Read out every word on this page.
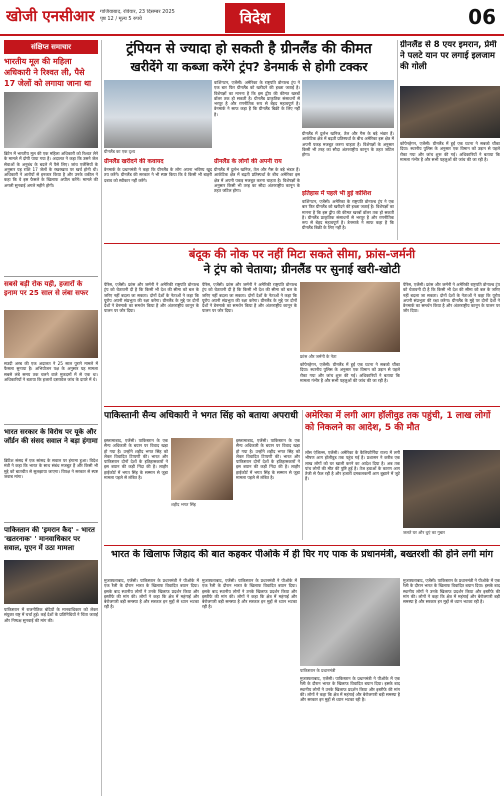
खोजी एनसीआर गाजियाबाद, रविवार, 23 दिसम्बर 2025
पृष्ठ 12 / मूल्य 5 रुपये	विदेश	06
संक्षिप्त समाचार
भारतीय मूल की महिला अधिकारी ने रिश्वत ली, पैसे 17 जेलों को लगाया जाना था
ब्रिटेन में भारतीय मूल की एक महिला अधिकारी को रिश्वत लेने के मामले में दोषी पाया गया है। अदालत ने कहा कि उसने जेल सेवाओं के अनुबंध के बदले में पैसे लिए। जांच एजेंसियों के अनुसार यह राशि 17 जेलों के रखरखाव पर खर्च होनी थी। अधिकारी ने आरोपों से इनकार किया है और उनके वकील ने कहा कि वे इस फैसले के खिलाफ अपील करेंगे। मामले की अगली सुनवाई अगले महीने होगी।
सबसे बड़ी रोक यही, हजारों के इनाम पर 25 साल से लंबा सफर
सउदी अरब की एक अदालत ने 25 साल पुराने मामले में फैसला सुनाया है। अभियोजन पक्ष के अनुसार यह मामला सबसे लंबे समय तक चलने वाले मुकदमों में से एक था। अधिकारियों ने बताया कि हजारों दस्तावेज जांच के दायरे में थे।
भारत सरकार के विरोध पर यूके और जॉर्डन की संसद सवाल ने बड़ा हंगामा
ब्रिटिश संसद में एक सांसद के सवाल पर हंगामा हुआ। विदेश मंत्री ने कहा कि भारत के साथ संबंध मजबूत हैं और किसी भी मुद्दे को बातचीत से सुलझाया जाएगा। विपक्ष ने सरकार से स्पष्ट जवाब मांगा।
पाकिस्तान की 'इमरान कैद' - भारत 'खतरनाक' ' मानवाधिकार पर सवाल, यूएन में उठा मामला
पाकिस्तान में राजनीतिक बंदियों के मानवाधिकार को लेकर संयुक्त राष्ट्र में चर्चा हुई। कई देशों के प्रतिनिधियों ने चिंता जताई और निष्पक्ष सुनवाई की मांग की।
ट्रंपियन से ज्यादा हो सकती है ग्रीनलैंड की कीमत
खरीदेंगे या कब्जा करेंगे ट्रंप? डेनमार्क से होगी टक्कर
ग्रीनलैंड का एक दृश्य
वाशिंगटन, एजेंसी। अमेरिका के राष्ट्रपति डोनाल्ड ट्रंप ने एक बार फिर ग्रीनलैंड को खरीदने की इच्छा जताई है। विशेषज्ञों का मानना है कि इस द्वीप की कीमत खरबों डॉलर तक हो सकती है। ग्रीनलैंड प्राकृतिक संसाधनों से भरपूर है और रणनीतिक रूप से बेहद महत्वपूर्ण है। डेनमार्क ने साफ कहा है कि ग्रीनलैंड बिक्री के लिए नहीं है।
ग्रीनलैंड में दुर्लभ खनिज, तेल और गैस के बड़े भंडार हैं। आर्कटिक क्षेत्र में बढ़ती प्रतिस्पर्धा के बीच अमेरिका इस क्षेत्र में अपनी पकड़ मजबूत करना चाहता है। विशेषज्ञों के अनुसार किसी भी तरह का सौदा अंतरराष्ट्रीय कानून के तहत जटिल होगा।
ग्रीनलैंड खरीदने की कवायद
डेनमार्क के प्रधानमंत्री ने कहा कि ग्रीनलैंड के लोग अपना भविष्य खुद तय करेंगे। ग्रीनलैंड की सरकार ने भी स्पष्ट किया कि वे किसी भी बाहरी दबाव को स्वीकार नहीं करेंगे।
ग्रीनलैंड के लोगों की अपनी राय
ग्रीनलैंड में दुर्लभ खनिज, तेल और गैस के बड़े भंडार हैं। आर्कटिक क्षेत्र में बढ़ती प्रतिस्पर्धा के बीच अमेरिका इस क्षेत्र में अपनी पकड़ मजबूत करना चाहता है। विशेषज्ञों के अनुसार किसी भी तरह का सौदा अंतरराष्ट्रीय कानून के तहत जटिल होगा।	इतिहास में पहले भी हुई कोशिश
वाशिंगटन, एजेंसी। अमेरिका के राष्ट्रपति डोनाल्ड ट्रंप ने एक बार फिर ग्रीनलैंड को खरीदने की इच्छा जताई है। विशेषज्ञों का मानना है कि इस द्वीप की कीमत खरबों डॉलर तक हो सकती है। ग्रीनलैंड प्राकृतिक संसाधनों से भरपूर है और रणनीतिक रूप से बेहद महत्वपूर्ण है। डेनमार्क ने साफ कहा है कि ग्रीनलैंड बिक्री के लिए नहीं है।
ग्रीनलैंड से 8 एयर इमरान, प्रेमी ने पलटे यान पर लगाई इलजाम की गोली
कोपेनहेगन, एजेंसी। ग्रीनलैंड में हुई एक घटना ने सबको चौंका दिया। स्थानीय पुलिस के अनुसार एक विमान को उड़ान से पहले रोका गया और जांच शुरू की गई। अधिकारियों ने बताया कि मामला गंभीर है और सभी पहलुओं की जांच की जा रही है।
बंदूक की नोक पर नहीं मिटा सकते सीमा, फ्रांस-जर्मनी
ने ट्रंप को चेताया; ग्रीनलैंड पर सुनाई खरी-खोटी
पेरिस, एजेंसी। फ्रांस और जर्मनी ने अमेरिकी राष्ट्रपति डोनाल्ड ट्रंप को चेतावनी दी है कि किसी भी देश की सीमा को बल के जरिए नहीं बदला जा सकता। दोनों देशों के नेताओं ने कहा कि यूरोप अपनी संप्रभुता की रक्षा करेगा। ग्रीनलैंड के मुद्दे पर दोनों देशों ने डेनमार्क का समर्थन किया है और अंतरराष्ट्रीय कानून के पालन पर जोर दिया।
पेरिस, एजेंसी। फ्रांस और जर्मनी ने अमेरिकी राष्ट्रपति डोनाल्ड ट्रंप को चेतावनी दी है कि किसी भी देश की सीमा को बल के जरिए नहीं बदला जा सकता। दोनों देशों के नेताओं ने कहा कि यूरोप अपनी संप्रभुता की रक्षा करेगा। ग्रीनलैंड के मुद्दे पर दोनों देशों ने डेनमार्क का समर्थन किया है और अंतरराष्ट्रीय कानून के पालन पर जोर दिया।
फ्रांस और जर्मनी के नेता
पेरिस, एजेंसी। फ्रांस और जर्मनी ने अमेरिकी राष्ट्रपति डोनाल्ड ट्रंप को चेतावनी दी है कि किसी भी देश की सीमा को बल के जरिए नहीं बदला जा सकता। दोनों देशों के नेताओं ने कहा कि यूरोप अपनी संप्रभुता की रक्षा करेगा। ग्रीनलैंड के मुद्दे पर दोनों देशों ने डेनमार्क का समर्थन किया है और अंतरराष्ट्रीय कानून के पालन पर जोर दिया।
कोपेनहेगन, एजेंसी। ग्रीनलैंड में हुई एक घटना ने सबको चौंका दिया। स्थानीय पुलिस के अनुसार एक विमान को उड़ान से पहले रोका गया और जांच शुरू की गई। अधिकारियों ने बताया कि मामला गंभीर है और सभी पहलुओं की जांच की जा रही है।
पाकिस्तानी सैन्य अधिकारी ने भगत सिंह को बताया अपराधी
इस्लामाबाद, एजेंसी। पाकिस्तान के एक सैन्य अधिकारी के बयान पर विवाद खड़ा हो गया है। उन्होंने शहीद भगत सिंह को लेकर विवादित टिप्पणी की। भारत और पाकिस्तान दोनों देशों के इतिहासकारों ने इस बयान की कड़ी निंदा की है। लाहौर हाईकोर्ट में भगत सिंह के सम्मान से जुड़ा मामला पहले से लंबित है।
शहीद भगत सिंह
इस्लामाबाद, एजेंसी। पाकिस्तान के एक सैन्य अधिकारी के बयान पर विवाद खड़ा हो गया है। उन्होंने शहीद भगत सिंह को लेकर विवादित टिप्पणी की। भारत और पाकिस्तान दोनों देशों के इतिहासकारों ने इस बयान की कड़ी निंदा की है। लाहौर हाईकोर्ट में भगत सिंह के सम्मान से जुड़ा मामला पहले से लंबित है।
अमेरिका में लगी आग हॉलीवुड तक पहुंची, 1 लाख लोगों को निकलने का आदेश, 5 की मौत
लॉस एंजिल्स, एजेंसी। अमेरिका के कैलिफोर्निया राज्य में लगी भीषण आग हॉलीवुड तक पहुंच गई है। प्रशासन ने करीब एक लाख लोगों को घर खाली करने का आदेश दिया है। अब तक पांच लोगों की मौत की पुष्टि हुई है। तेज हवाओं के कारण आग तेजी से फैल रही है और हजारों दमकलकर्मी आग बुझाने में जुटे हैं।
जलते घर और धुएं का गुबार
भारत के खिलाफ जिहाद की बात कहकर पीओके में ही घिर गए पाक के प्रधानमंत्री, बख्तरशी की होने लगी मांग
मुजफ्फराबाद, एजेंसी। पाकिस्तान के प्रधानमंत्री ने पीओके में एक रैली के दौरान भारत के खिलाफ विवादित बयान दिया। इसके बाद स्थानीय लोगों ने उनके खिलाफ प्रदर्शन किया और इस्तीफे की मांग की। लोगों ने कहा कि क्षेत्र में महंगाई और बेरोजगारी बड़ी समस्या है और सरकार इन मुद्दों से ध्यान भटका रही है।
मुजफ्फराबाद, एजेंसी। पाकिस्तान के प्रधानमंत्री ने पीओके में एक रैली के दौरान भारत के खिलाफ विवादित बयान दिया। इसके बाद स्थानीय लोगों ने उनके खिलाफ प्रदर्शन किया और इस्तीफे की मांग की। लोगों ने कहा कि क्षेत्र में महंगाई और बेरोजगारी बड़ी समस्या है और सरकार इन मुद्दों से ध्यान भटका रही है।
पाकिस्तान के प्रधानमंत्री
मुजफ्फराबाद, एजेंसी। पाकिस्तान के प्रधानमंत्री ने पीओके में एक रैली के दौरान भारत के खिलाफ विवादित बयान दिया। इसके बाद स्थानीय लोगों ने उनके खिलाफ प्रदर्शन किया और इस्तीफे की मांग की। लोगों ने कहा कि क्षेत्र में महंगाई और बेरोजगारी बड़ी समस्या है और सरकार इन मुद्दों से ध्यान भटका रही है।
मुजफ्फराबाद, एजेंसी। पाकिस्तान के प्रधानमंत्री ने पीओके में एक रैली के दौरान भारत के खिलाफ विवादित बयान दिया। इसके बाद स्थानीय लोगों ने उनके खिलाफ प्रदर्शन किया और इस्तीफे की मांग की। लोगों ने कहा कि क्षेत्र में महंगाई और बेरोजगारी बड़ी समस्या है और सरकार इन मुद्दों से ध्यान भटका रही है।
